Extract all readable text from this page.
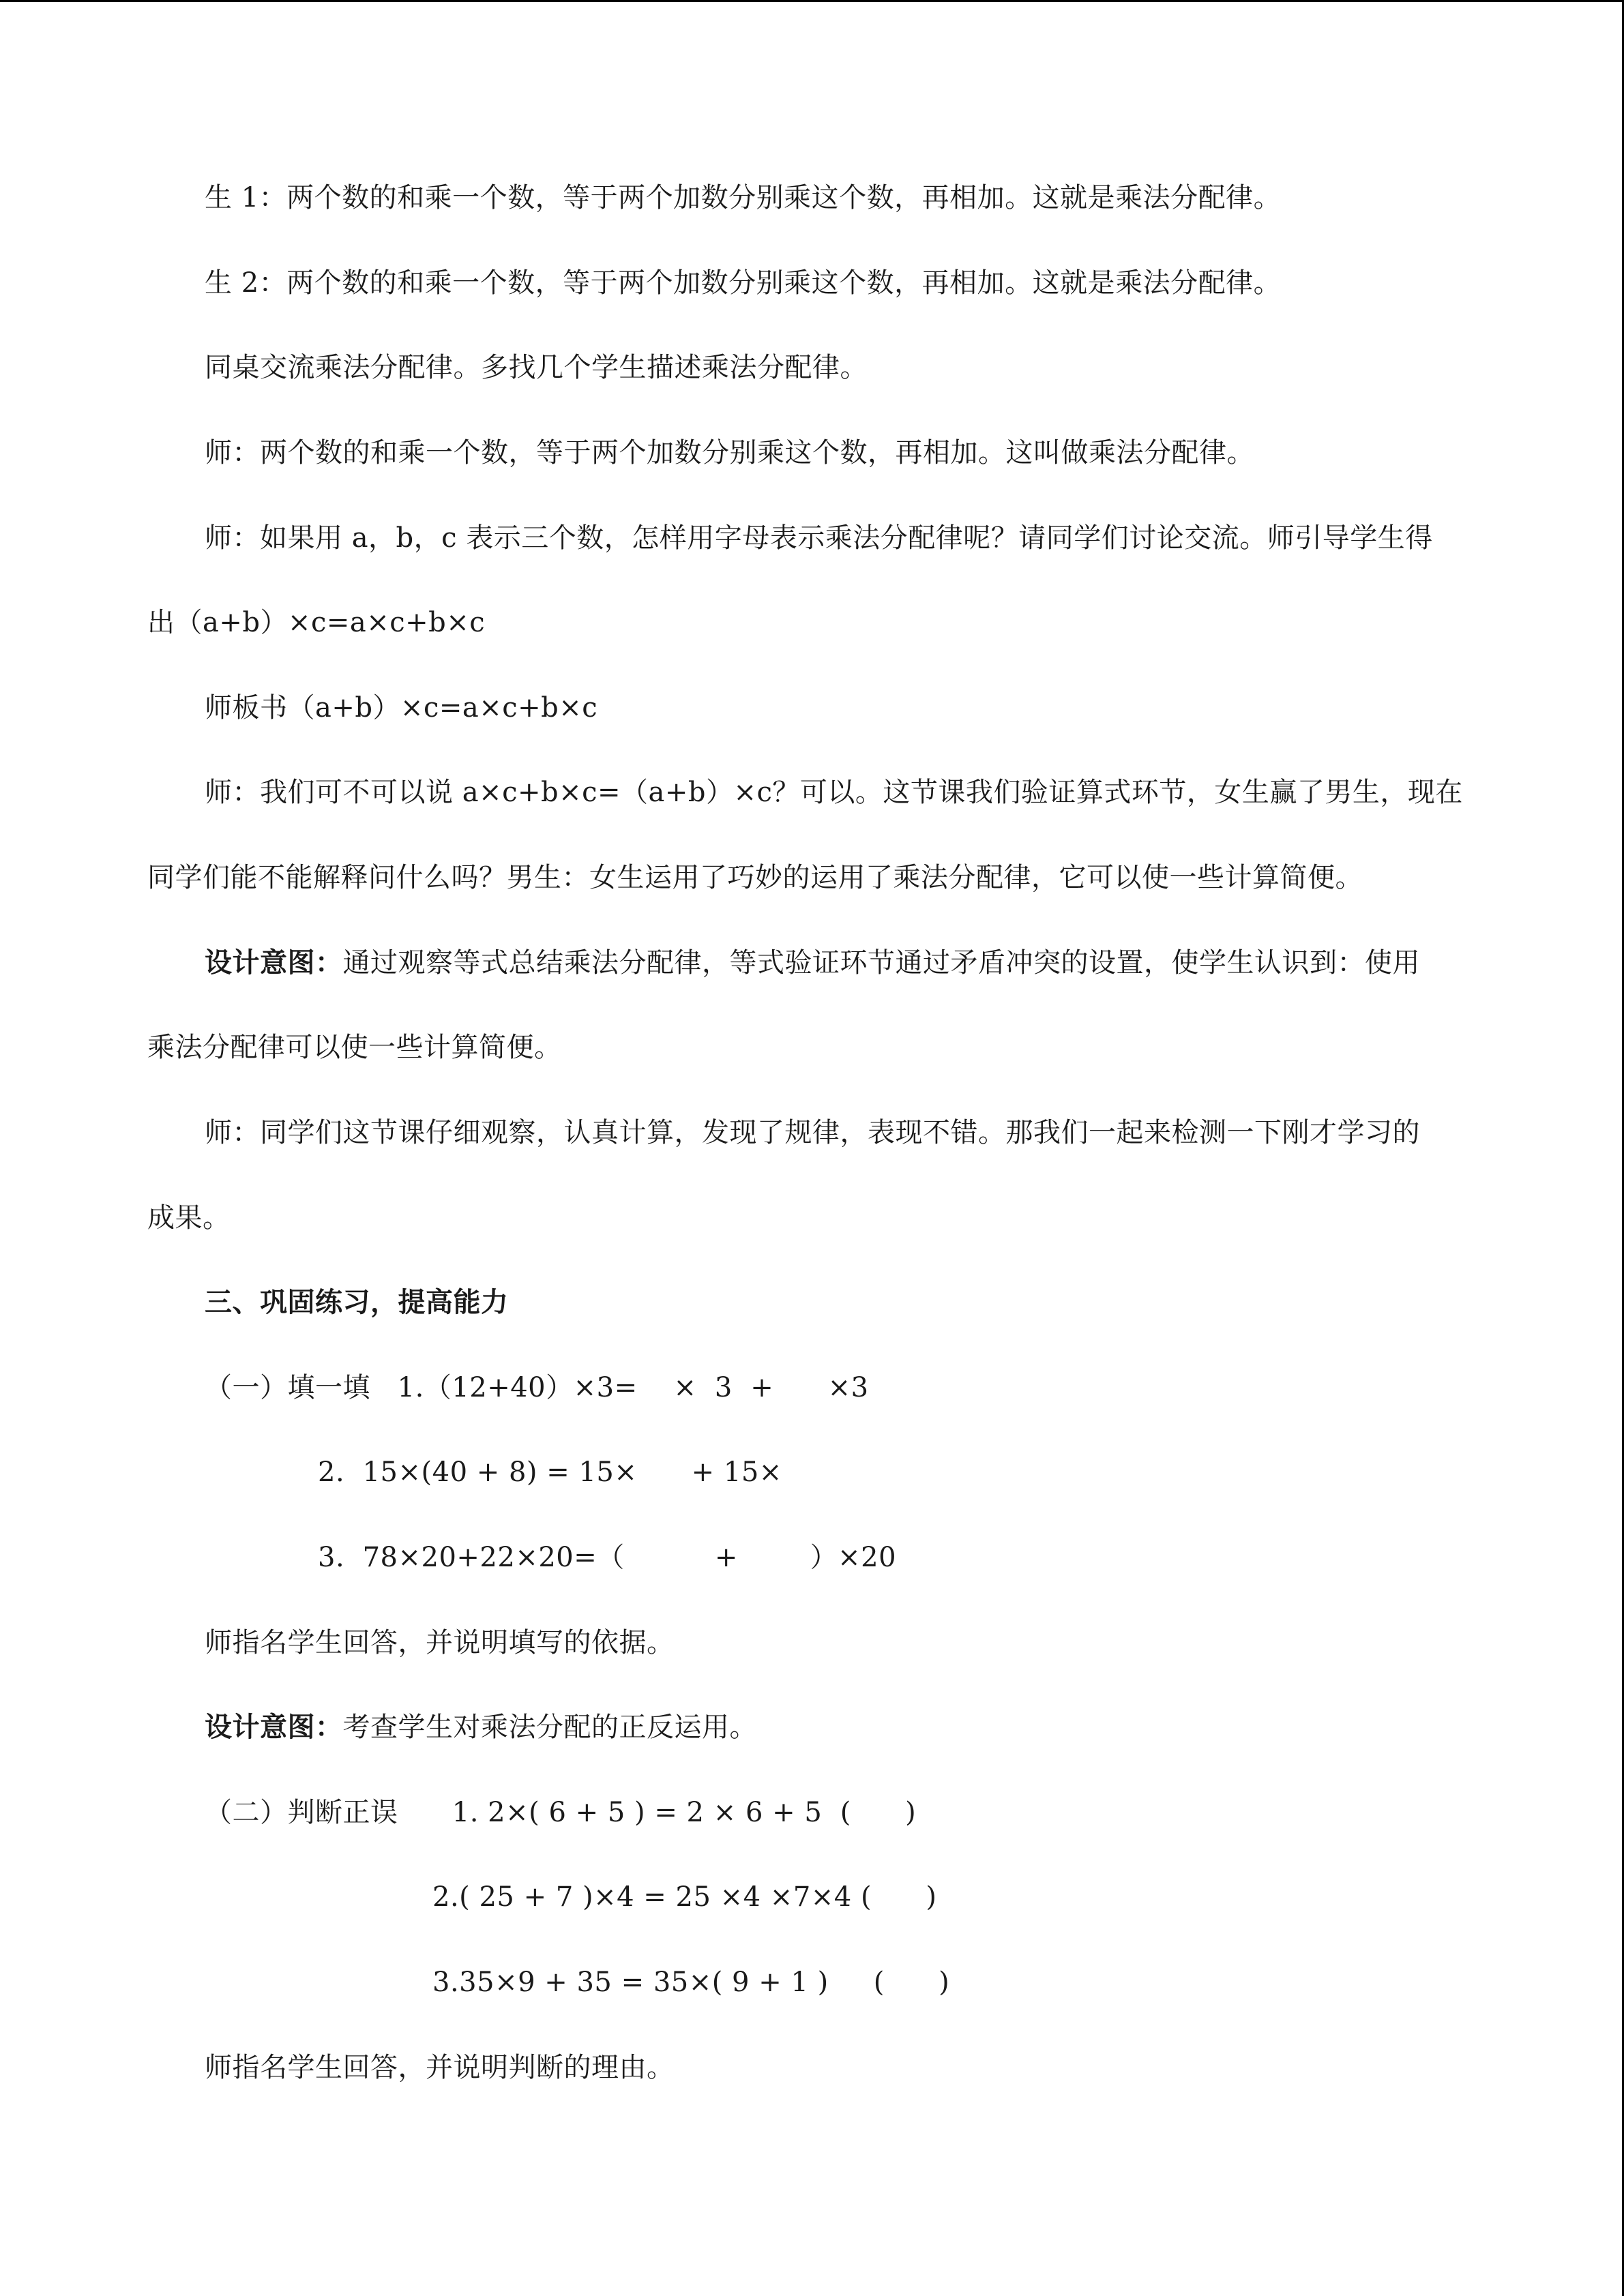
生 1：两个数的和乘一个数，等于两个加数分别乘这个数，再相加。这就是乘法分配律。
生 2：两个数的和乘一个数，等于两个加数分别乘这个数，再相加。这就是乘法分配律。
同桌交流乘法分配律。多找几个学生描述乘法分配律。
师：两个数的和乘一个数，等于两个加数分别乘这个数，再相加。这叫做乘法分配律。
师：如果用 a，b，c 表示三个数，怎样用字母表示乘法分配律呢？请同学们讨论交流。师引导学生得
出（a+b）×c=a×c+b×c
师板书（a+b）×c=a×c+b×c
师：我们可不可以说 a×c+b×c=（a+b）×c？可以。这节课我们验证算式环节，女生赢了男生，现在
同学们能不能解释问什么吗？男生：女生运用了巧妙的运用了乘法分配律，它可以使一些计算简便。
设计意图：通过观察等式总结乘法分配律，等式验证环节通过矛盾冲突的设置，使学生认识到：使用
乘法分配律可以使一些计算简便。
师：同学们这节课仔细观察，认真计算，发现了规律，表现不错。那我们一起来检测一下刚才学习的
成果。
三、巩固练习，提高能力
（一）填一填   1.（12+40）×3=    ×  3  +      ×3
2.  15×(40 + 8) = 15×      + 15×
3.  78×20+22×20=（          +        ）×20
师指名学生回答，并说明填写的依据。
设计意图：考查学生对乘法分配的正反运用。
（二）判断正误      1. 2×( 6 + 5 ) = 2 × 6 + 5  (      )
2.( 25 + 7 )×4 = 25 ×4 ×7×4 (      )
3.35×9 + 35 = 35×( 9 + 1 )     (      )
师指名学生回答，并说明判断的理由。
